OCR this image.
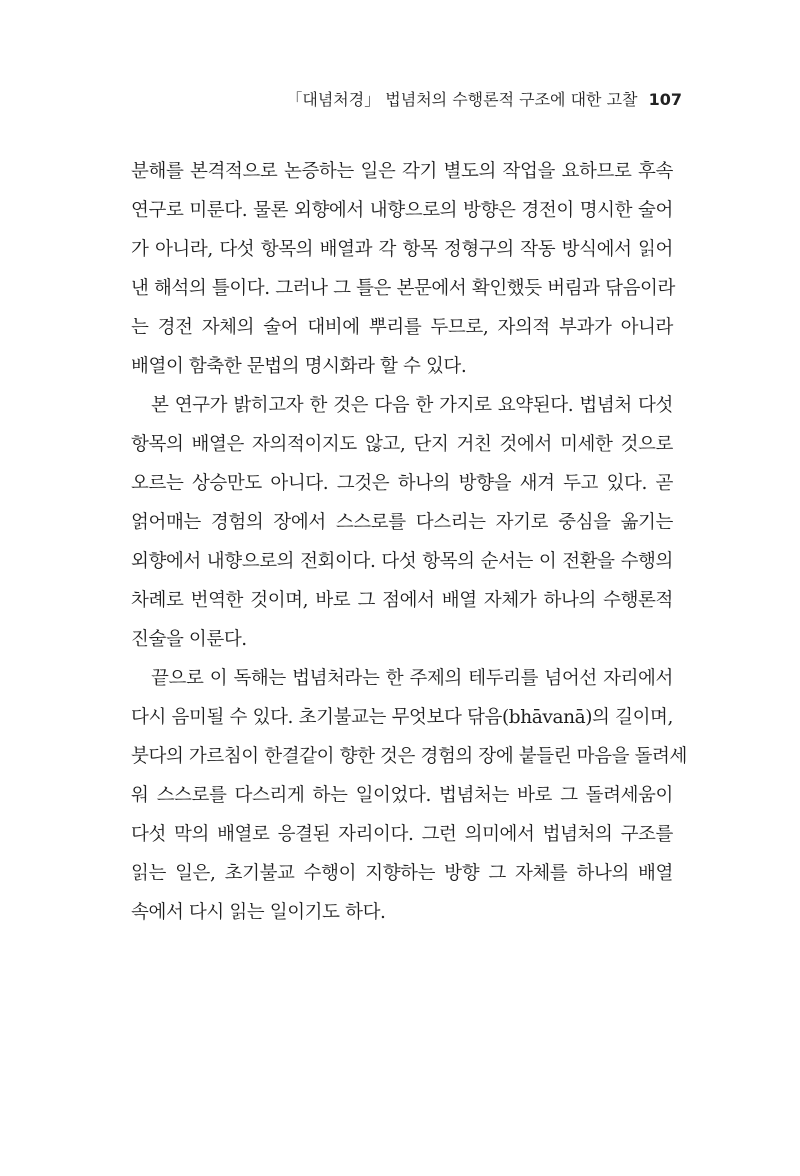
「대념처경」 법념처의 수행론적 구조에 대한 고찰 107
분해를 본격적으로 논증하는 일은 각기 별도의 작업을 요하므로 후속
연구로 미룬다. 물론 외향에서 내향으로의 방향은 경전이 명시한 술어
가 아니라, 다섯 항목의 배열과 각 항목 정형구의 작동 방식에서 읽어
낸 해석의 틀이다. 그러나 그 틀은 본문에서 확인했듯 버림과 닦음이라
는 경전 자체의 술어 대비에 뿌리를 두므로, 자의적 부과가 아니라
배열이 함축한 문법의 명시화라 할 수 있다.
본 연구가 밝히고자 한 것은 다음 한 가지로 요약된다. 법념처 다섯
항목의 배열은 자의적이지도 않고, 단지 거친 것에서 미세한 것으로
오르는 상승만도 아니다. 그것은 하나의 방향을 새겨 두고 있다. 곧
얽어매는 경험의 장에서 스스로를 다스리는 자기로 중심을 옮기는
외향에서 내향으로의 전회이다. 다섯 항목의 순서는 이 전환을 수행의
차례로 번역한 것이며, 바로 그 점에서 배열 자체가 하나의 수행론적
진술을 이룬다.
끝으로 이 독해는 법념처라는 한 주제의 테두리를 넘어선 자리에서
다시 음미될 수 있다. 초기불교는 무엇보다 닦음(bhāvanā)의 길이며,
붓다의 가르침이 한결같이 향한 것은 경험의 장에 붙들린 마음을 돌려세
워 스스로를 다스리게 하는 일이었다. 법념처는 바로 그 돌려세움이
다섯 막의 배열로 응결된 자리이다. 그런 의미에서 법념처의 구조를
읽는 일은, 초기불교 수행이 지향하는 방향 그 자체를 하나의 배열
속에서 다시 읽는 일이기도 하다.
